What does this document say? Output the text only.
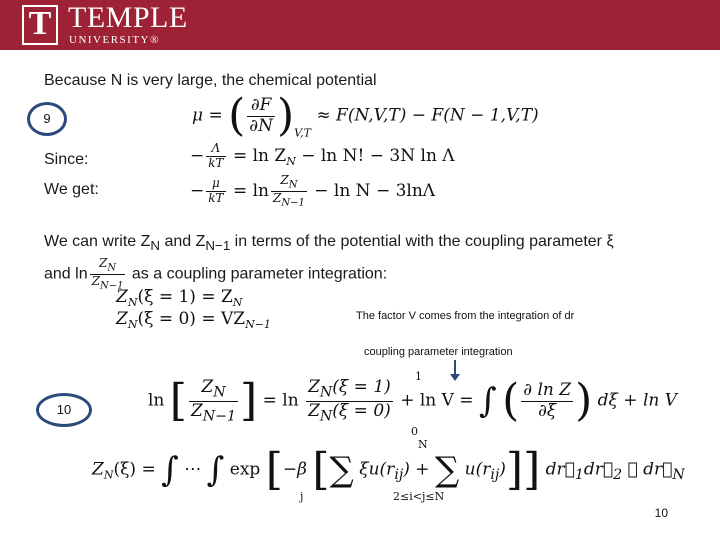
T TEMPLE
UNIVERSITY®
Because N is very large, the chemical potential
9	μ = ( $\frac{\partial F}{\partial N} )_{V,T} \approx F(N,V,T) - F(N - 1,V,T)$
Since:	− $\frac{\Lambda}{kT} = \ln Z_N - \ln N$! − 3N ln Λ
We get:	− $\frac{\mu}{kT} = \ln \frac{Z_N}{Z_{N-1}} - \ln N - 3\ln\Lambda$
We can write $Z_N$ and $Z_{N-1}$ in terms of the potential with the coupling parameter ξ
and $\ln \frac{Z_N}{Z_{N-1}}$ as a coupling parameter integration:
$Z_N(\xi = 1) = Z_N$
$Z_N(\xi = 0) = VZ_{N-1}$
The factor V comes from the integration of dr
coupling parameter integration
10	ln [ $\frac{Z_N}{Z_{N-1}}$ ] = $\ln \frac{Z_N(\xi = 1)}{Z_N(\xi = 0)} + \ln V$ = ∫ ( $\frac{\text{∂ ln Z}}{\partial\xi}$ ) dξ + ln V
1
0
$Z_N(\xi)$ = ∫ ⋯ ∫ exp [−β [∑ $\xi u(r_{ij})$ + ∑ $u(r_{ij})$]] $dr⃗_1dr⃗_2$ ⋯ $dr⃗_N$
j
N
2≤i<j≤N
10
